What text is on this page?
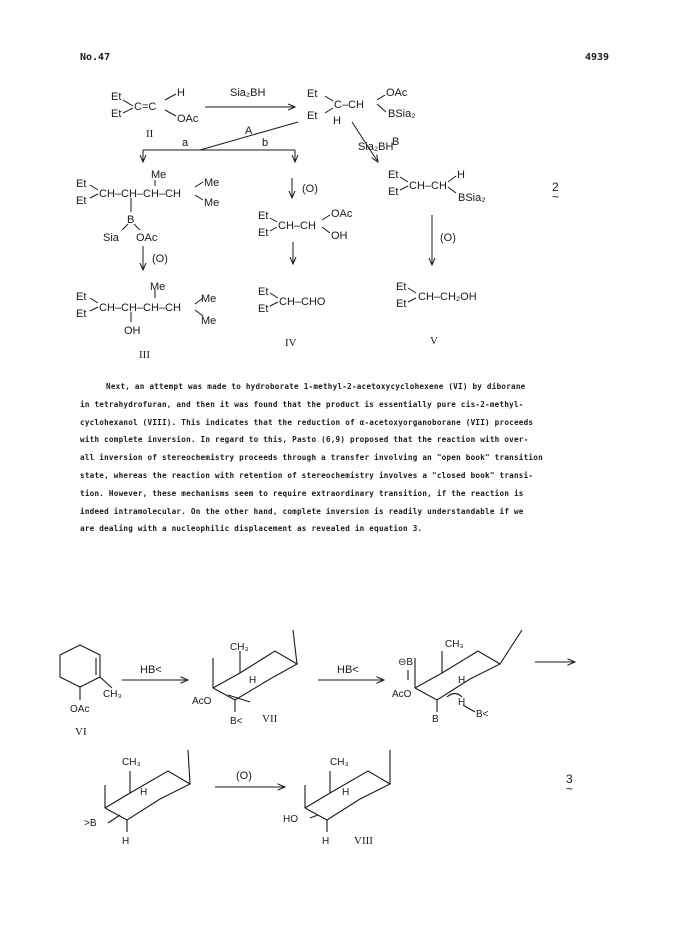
No.47	4939
Et
Et
C=C
H
OAc
II
Sia₂BH	Et
Et
C–CH
H
OAc
BSia₂
A
a	b	Sia₂BH
B
(O)
(O)
(O)
Me
Et
Et
CH–CH–CH–CH
Me
Me
B
Sia OAc
Et
Et
CH–CH
OAc
OH
Et
Et CH–CH
H
BSia₂
2
~
Me
Et
Et CH–CH–CH–CH
Me
Me
OH
III
Et
Et
CH–CHO
IV
Et
Et
CH–CH₂OH
V

Next, an attempt was made to hydroborate 1-methyl-2-acetoxycyclohexene (VI) by diborane

in tetrahydrofuran, and then it was found that the product is essentially pure cis-2-methyl-
cyclohexanol (VIII). This indicates that the reduction of α-acetoxyorganoborane (VII) proceeds
with complete inversion. In regard to this, Pasto (6,9) proposed that the reaction with over-
all inversion of stereochemistry proceeds through a transfer involving an "open book" transition
state, whereas the reaction with retention of stereochemistry involves a "closed book" transi-
tion. However, these mechanisms seem to require extraordinary transition, if the reaction is
indeed intramolecular. On the other hand, complete inversion is readily understandable if we
are dealing with a nucleophilic displacement as revealed in equation 3.
CH₃
OAc
VI
HB<
CH₃
H
AcO
B< VII
HB<
CH₃
H
⊖B
AcO
B
H
B<
CH₃
H
>B
H
(O)
CH₃
H
HO
H VIII
3
~
